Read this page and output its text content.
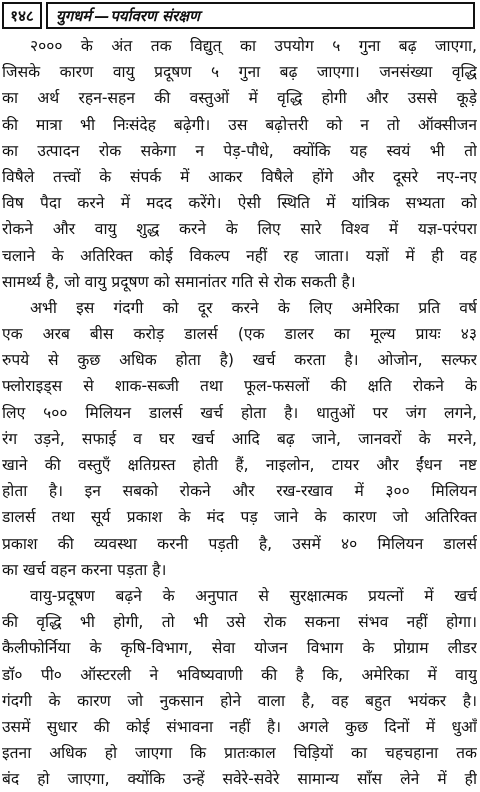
१४८	युगधर्म — पर्यावरण संरक्षण
२००० के अंत तक विद्युत् का उपयोग ५ गुना बढ़ जाएगा,
जिसके कारण वायु प्रदूषण ५ गुना बढ़ जाएगा। जनसंख्या वृद्धि
का अर्थ रहन-सहन की वस्तुओं में वृद्धि होगी और उससे कूड़े
की मात्रा भी निःसंदेह बढ़ेगी। उस बढ़ोत्तरी को न तो ऑक्सीजन
का उत्पादन रोक सकेगा न पेड़-पौधे, क्योंकि यह स्वयं भी तो
विषैले तत्त्वों के संपर्क में आकर विषैले होंगे और दूसरे नए-नए
विष पैदा करने में मदद करेंगे। ऐसी स्थिति में यांत्रिक सभ्यता को
रोकने और वायु शुद्ध करने के लिए सारे विश्व में यज्ञ-परंपरा
चलाने के अतिरिक्त कोई विकल्प नहीं रह जाता। यज्ञों में ही वह
सामर्थ्य है, जो वायु प्रदूषण को समानांतर गति से रोक सकती है।
अभी इस गंदगी को दूर करने के लिए अमेरिका प्रति वर्ष
एक अरब बीस करोड़ डालर्स (एक डालर का मूल्य प्रायः ४३
रुपये से कुछ अधिक होता है) खर्च करता है। ओजोन, सल्फर
फ्लोराइड्स से शाक-सब्जी तथा फूल-फसलों की क्षति रोकने के
लिए ५०० मिलियन डालर्स खर्च होता है। धातुओं पर जंग लगने,
रंग उड़ने, सफाई व घर खर्च आदि बढ़ जाने, जानवरों के मरने,
खाने की वस्तुएँ क्षतिग्रस्त होती हैं, नाइलोन, टायर और ईंधन नष्ट
होता है। इन सबको रोकने और रख-रखाव में ३०० मिलियन
डालर्स तथा सूर्य प्रकाश के मंद पड़ जाने के कारण जो अतिरिक्त
प्रकाश की व्यवस्था करनी पड़ती है, उसमें ४० मिलियन डालर्स
का खर्च वहन करना पड़ता है।
वायु-प्रदूषण बढ़ने के अनुपात से सुरक्षात्मक प्रयत्नों में खर्च
की वृद्धि भी होगी, तो भी उसे रोक सकना संभव नहीं होगा।
कैलीफोर्निया के कृषि-विभाग, सेवा योजन विभाग के प्रोग्राम लीडर
डॉ० पी० ऑस्टरली ने भविष्यवाणी की है कि, अमेरिका में वायु
गंदगी के कारण जो नुकसान होने वाला है, वह बहुत भयंकर है।
उसमें सुधार की कोई संभावना नहीं है। अगले कुछ दिनों में धुआँ
इतना अधिक हो जाएगा कि प्रातःकाल चिड़ियों का चहचहाना तक
बंद हो जाएगा, क्योंकि उन्हें सवेरे-सवेरे सामान्य साँस लेने में ही
